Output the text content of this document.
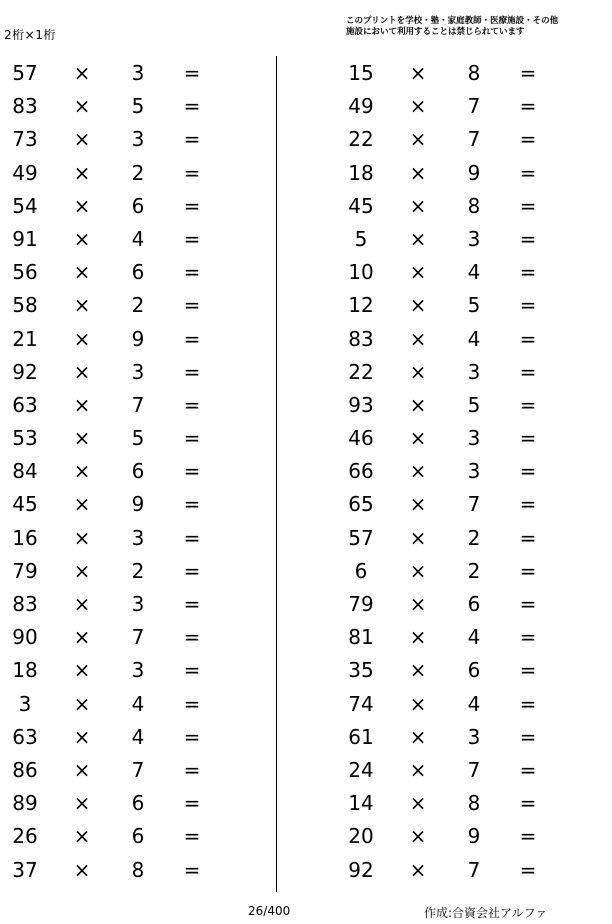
2桁×1桁
このプリントを学校・塾・家庭教師・医療施設・その他
施設において利用することは禁じられています
57	× 3 =
83	× 5 =
73	× 3 =
49	× 2 =
54	× 6 =
91	× 4 =
56	× 6 =
58	× 2 =
21	× 9 =
92	× 3 =
63	× 7 =
53	× 5 =
84	× 6 =
45	× 9 =
16	× 3 =
79	× 2 =
83	× 3 =
90	× 7 =
18	× 3 =
3	× 4 =
63	× 4 =
86	× 7 =
89	× 6 =
26	× 6 =
37	× 8 =
15	× 8 =
49	× 7 =
22	× 7 =
18	× 9 =
45	× 8 =
5	× 3 =
10	× 4 =
12	× 5 =
83	× 4 =
22	× 3 =
93	× 5 =
46	× 3 =
66	× 3 =
65	× 7 =
57	× 2 =
6	× 2 =
79	× 6 =
81	× 4 =
35	× 6 =
74	× 4 =
61	× 3 =
24	× 7 =
14	× 8 =
20	× 9 =
92	× 7 =
26/400	作成:合資会社アルファ
